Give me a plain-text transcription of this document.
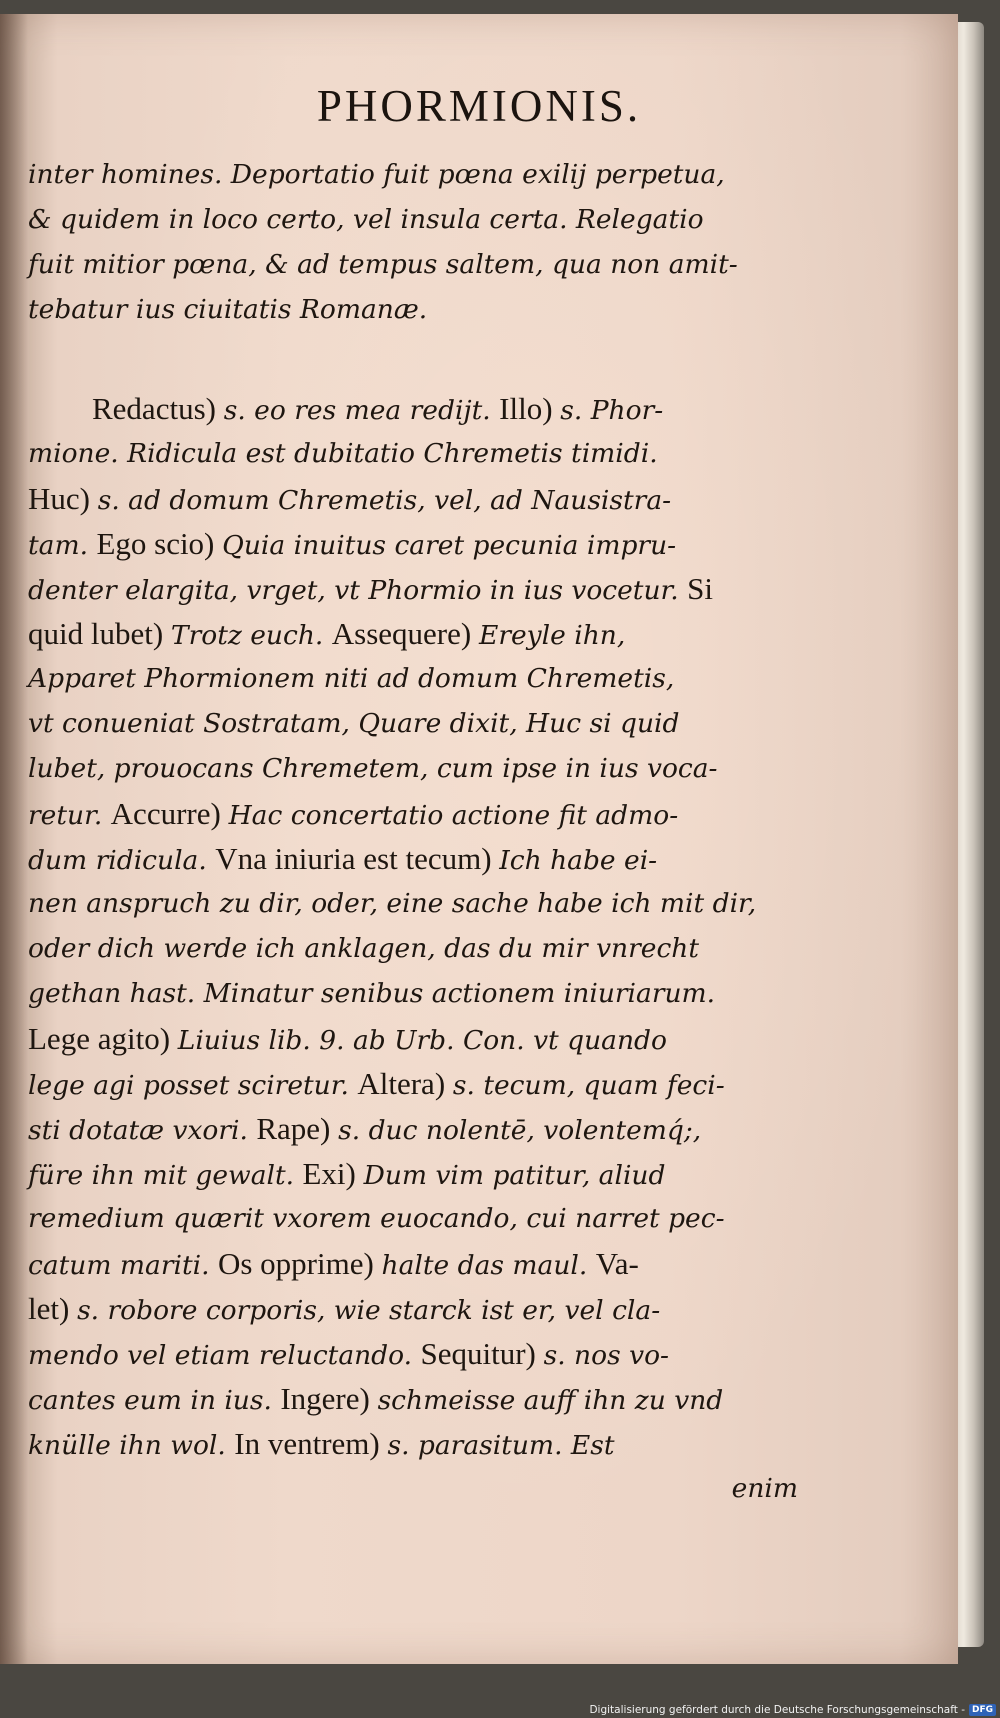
PHORMIONIS.
inter homines. Deportatio fuit pœna exilij perpetua,
& quidem in loco certo, vel insula certa. Relegatio
fuit mitior pœna, & ad tempus saltem, qua non amit-
tebatur ius ciuitatis Romanæ.
Redactus) s. eo res mea redijt. Illo) s. Phor-
mione. Ridicula est dubitatio Chremetis timidi.
Huc) s. ad domum Chremetis, vel, ad Nausistra-
tam. Ego scio) Quia inuitus caret pecunia impru-
denter elargita, vrget, vt Phormio in ius vocetur. Si
quid lubet) Trotz euch. Assequere) Ereyle ihn,
Apparet Phormionem niti ad domum Chremetis,
vt conueniat Sostratam, Quare dixit, Huc si quid
lubet, prouocans Chremetem, cum ipse in ius voca-
retur. Accurre) Hac concertatio actione fit admo-
dum ridicula. Vna iniuria est tecum) Ich habe ei-
nen anspruch zu dir, oder, eine sache habe ich mit dir,
oder dich werde ich anklagen, das du mir vnrecht
gethan hast. Minatur senibus actionem iniuriarum.
Lege agito) Liuius lib. 9. ab Urb. Con. vt quando
lege agi posset sciretur. Altera) s. tecum, quam feci-
sti dotatæ vxori. Rape) s. duc nolentē, volentemq́;,
füre ihn mit gewalt. Exi) Dum vim patitur, aliud
remedium quærit vxorem euocando, cui narret pec-
catum mariti. Os opprime) halte das maul. Va-
let) s. robore corporis, wie starck ist er, vel cla-
mendo vel etiam reluctando. Sequitur) s. nos vo-
cantes eum in ius. Ingere) schmeisse auff ihn zu vnd
knülle ihn wol. In ventrem) s. parasitum. Est
enim
Digitalisierung gefördert durch die Deutsche Forschungsgemeinschaft - DFG
